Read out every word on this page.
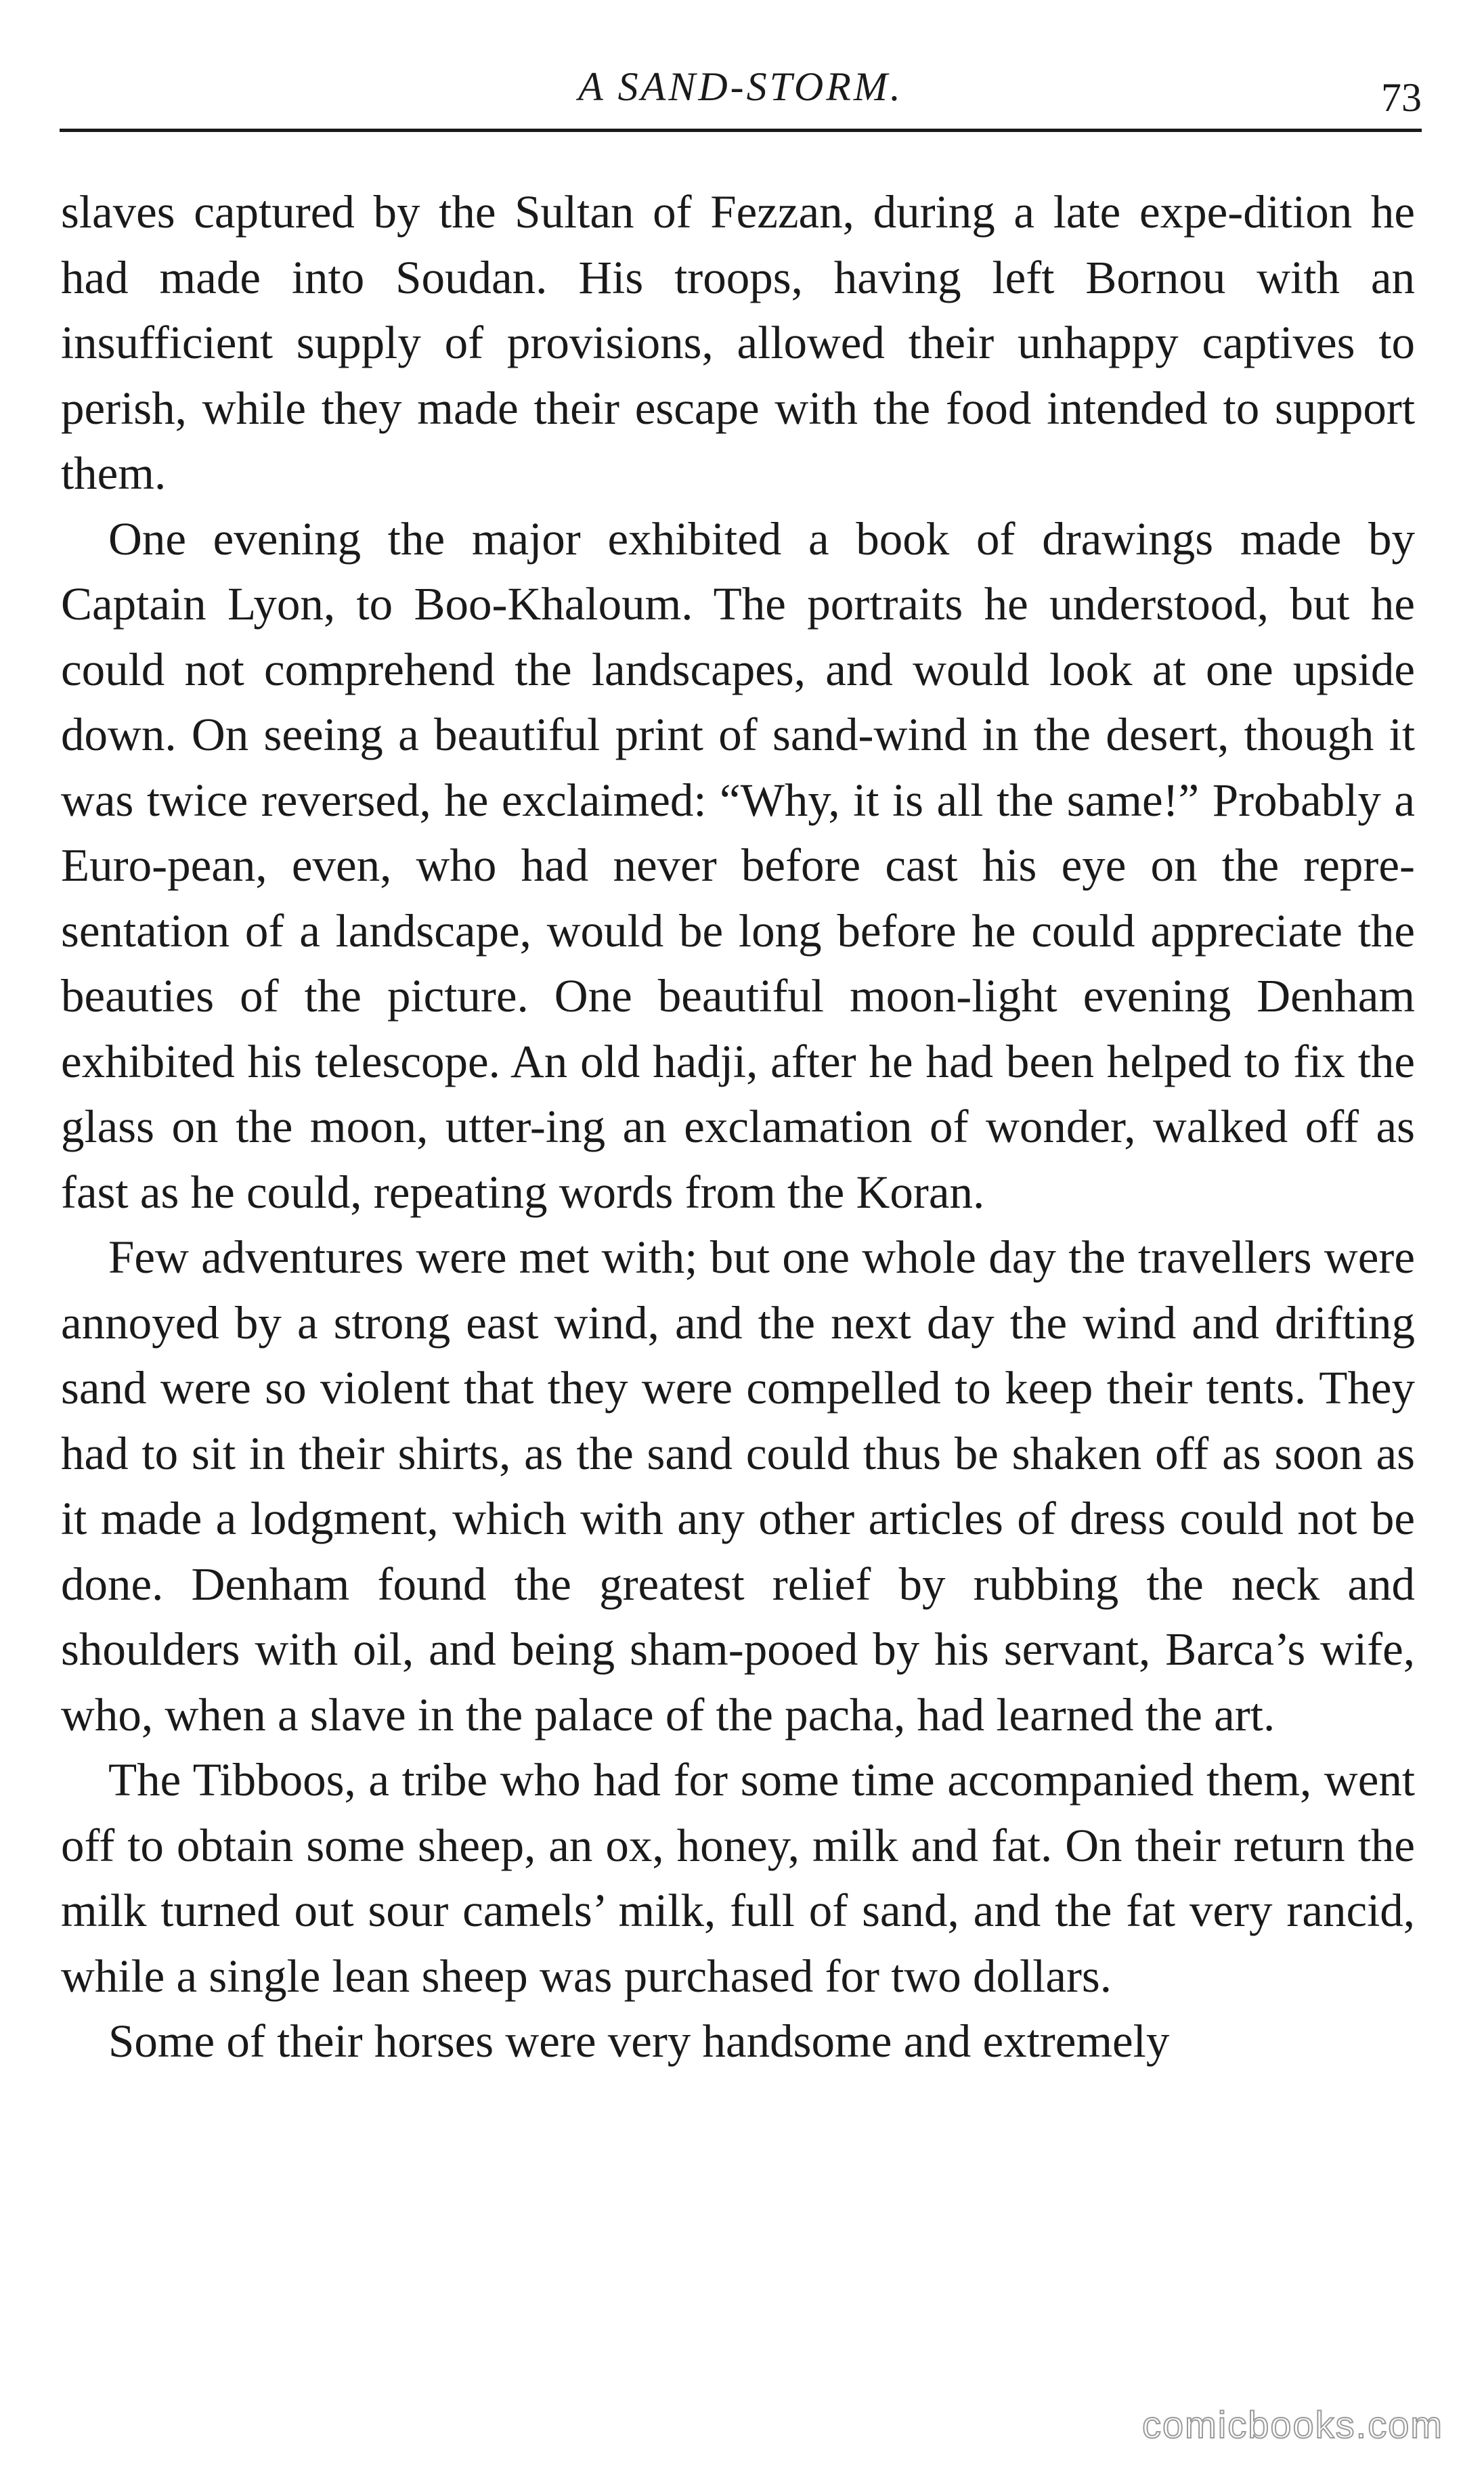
A SAND-STORM.	73

slaves captured by the Sultan of Fezzan, during a late expe-dition he had made into Soudan. His troops, having left Bornou with an insufficient supply of provisions, allowed their unhappy captives to perish, while they made their escape with the food intended to support them.

One evening the major exhibited a book of drawings made by Captain Lyon, to Boo-Khaloum. The portraits he understood, but he could not comprehend the landscapes, and would look at one upside down. On seeing a beautiful print of sand-wind in the desert, though it was twice reversed, he exclaimed: “Why, it is all the same!” Probably a Euro-pean, even, who had never before cast his eye on the repre-sentation of a landscape, would be long before he could appreciate the beauties of the picture. One beautiful moon-light evening Denham exhibited his telescope. An old hadji, after he had been helped to fix the glass on the moon, utter-ing an exclamation of wonder, walked off as fast as he could, repeating words from the Koran.

Few adventures were met with; but one whole day the travellers were annoyed by a strong east wind, and the next day the wind and drifting sand were so violent that they were compelled to keep their tents. They had to sit in their shirts, as the sand could thus be shaken off as soon as it made a lodgment, which with any other articles of dress could not be done. Denham found the greatest relief by rubbing the neck and shoulders with oil, and being sham-pooed by his servant, Barca’s wife, who, when a slave in the palace of the pacha, had learned the art.

The Tibboos, a tribe who had for some time accompanied them, went off to obtain some sheep, an ox, honey, milk and fat. On their return the milk turned out sour camels’ milk, full of sand, and the fat very rancid, while a single lean sheep was purchased for two dollars.

Some of their horses were very handsome and extremely

comicbooks.com
